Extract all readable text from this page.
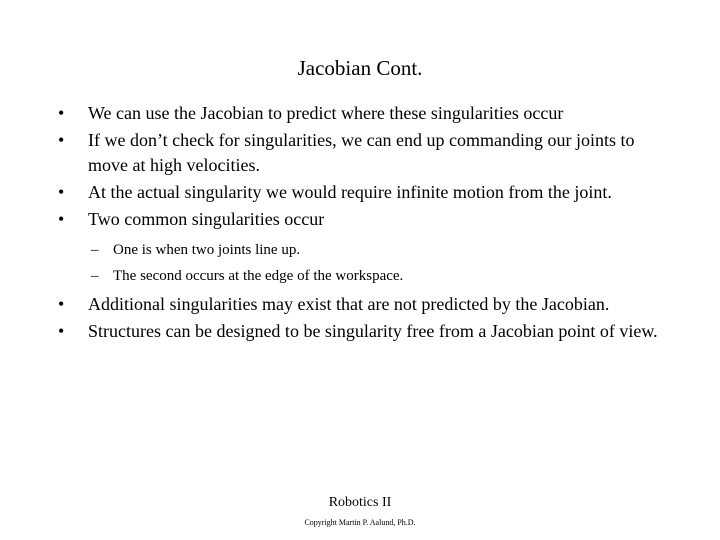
Jacobian Cont.
•	We can use the Jacobian to predict where these singularities occur
•	If we don’t check for singularities, we can end up commanding our joints to move at high velocities.
•	At the actual singularity we would require infinite motion from the joint.
•	Two common singularities occur
– One is when two joints line up.
– The second occurs at the edge of the workspace.
•	Additional singularities may exist that are not predicted by the Jacobian.
•	Structures can be designed to be singularity free from a Jacobian point of view.
Robotics II
Copyright Martin P. Aalund, Ph.D.
